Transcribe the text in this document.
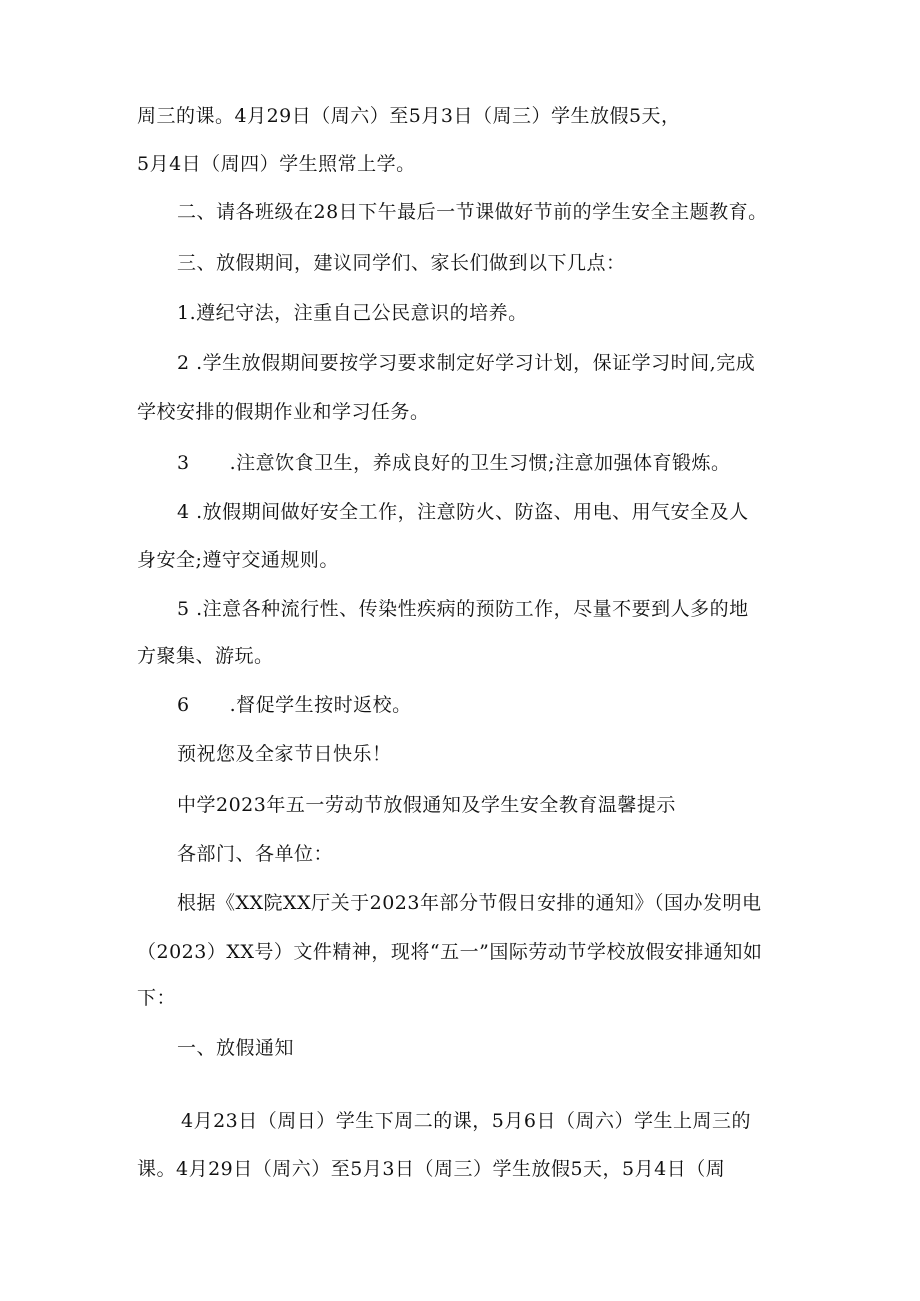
周三的课。4月29日（周六）至5月3日（周三）学生放假5天，
5月4日（周四）学生照常上学。
二、请各班级在28日下午最后一节课做好节前的学生安全主题教育。
三、放假期间，建议同学们、家长们做到以下几点：
1.遵纪守法，注重自己公民意识的培养。
2 .学生放假期间要按学习要求制定好学习计划，保证学习时间,完成
学校安排的假期作业和学习任务。
3 .注意饮食卫生，养成良好的卫生习惯;注意加强体育锻炼。
4 .放假期间做好安全工作，注意防火、防盗、用电、用气安全及人
身安全;遵守交通规则。
5 .注意各种流行性、传染性疾病的预防工作，尽量不要到人多的地
方聚集、游玩。
6 .督促学生按时返校。
预祝您及全家节日快乐！
中学2023年五一劳动节放假通知及学生安全教育温馨提示
各部门、各单位：
根据《XX院XX厅关于2023年部分节假日安排的通知》（国办发明电
（2023）XX号）文件精神，现将“五一”国际劳动节学校放假安排通知如
下：
一、放假通知
4月23日（周日）学生下周二的课，5月6日（周六）学生上周三的
课。4月29日（周六）至5月3日（周三）学生放假5天，5月4日（周
